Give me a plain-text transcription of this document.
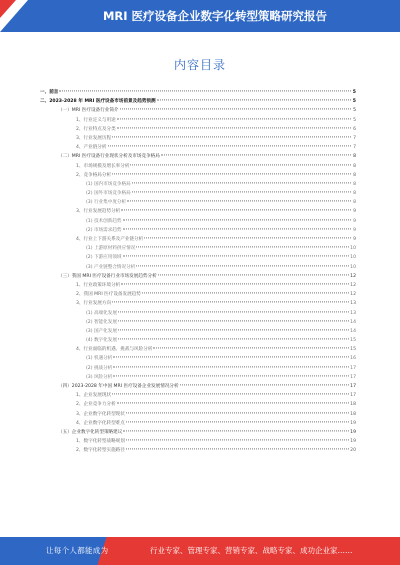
MRI 医疗设备企业数字化转型策略研究报告
内容目录
一、前言	5
二、2023-2028 年 MRI 医疗设备市场前景及趋势预测	5
（一）MRI 医疗设备行业简介	5
1、行业定义与用途	5
2、行业特点及分类	6
3、行业发展历程	7
4、产业链分析	7
（二）MRI 医疗设备行业现状分析及市场竞争格局	8
1、市场规模及增长率分析	8
2、竞争格局分析	8
(1) 国内市场竞争格局	8
(2) 国外市场竞争格局	8
(3) 行业集中度分析	8
3、行业发展趋势分析	9
(1) 技术创新趋势	9
(2) 市场需求趋势	9
4、行业上下游关系及产业链分析	9
(1) 上游原材料供应情况	10
(2) 下游应用领域	10
(3) 产业链整合情况分析	10
（三）我国 MRI 医疗设备行业市场发展趋势分析	12
1、行业政策环境分析	12
2、我国 MRI 医疗设备发展趋势	12
3、行业发展方向	13
(1) 高端化发展	13
(2) 智能化发展	14
(3) 国产化发展	14
(4) 数字化发展	15
4、行业面临的机遇、挑战与风险分析	15
(1) 机遇分析	16
(2) 挑战分析	17
(3) 风险分析	17
（四）2023-2028 年中国 MRI 医疗设备企业发展情况分析	17
1、企业发展现状	17
2、企业竞争力分析	18
3、企业数字化转型现状	18
4、企业数字化转型难点	19
（五）企业数字化转型策略建议	19
1、数字化转型战略规划	19
2、数字化转型实施路径	20
让每个人都能成为	行业专家、管理专家、营销专家、战略专家、成功企业家……
